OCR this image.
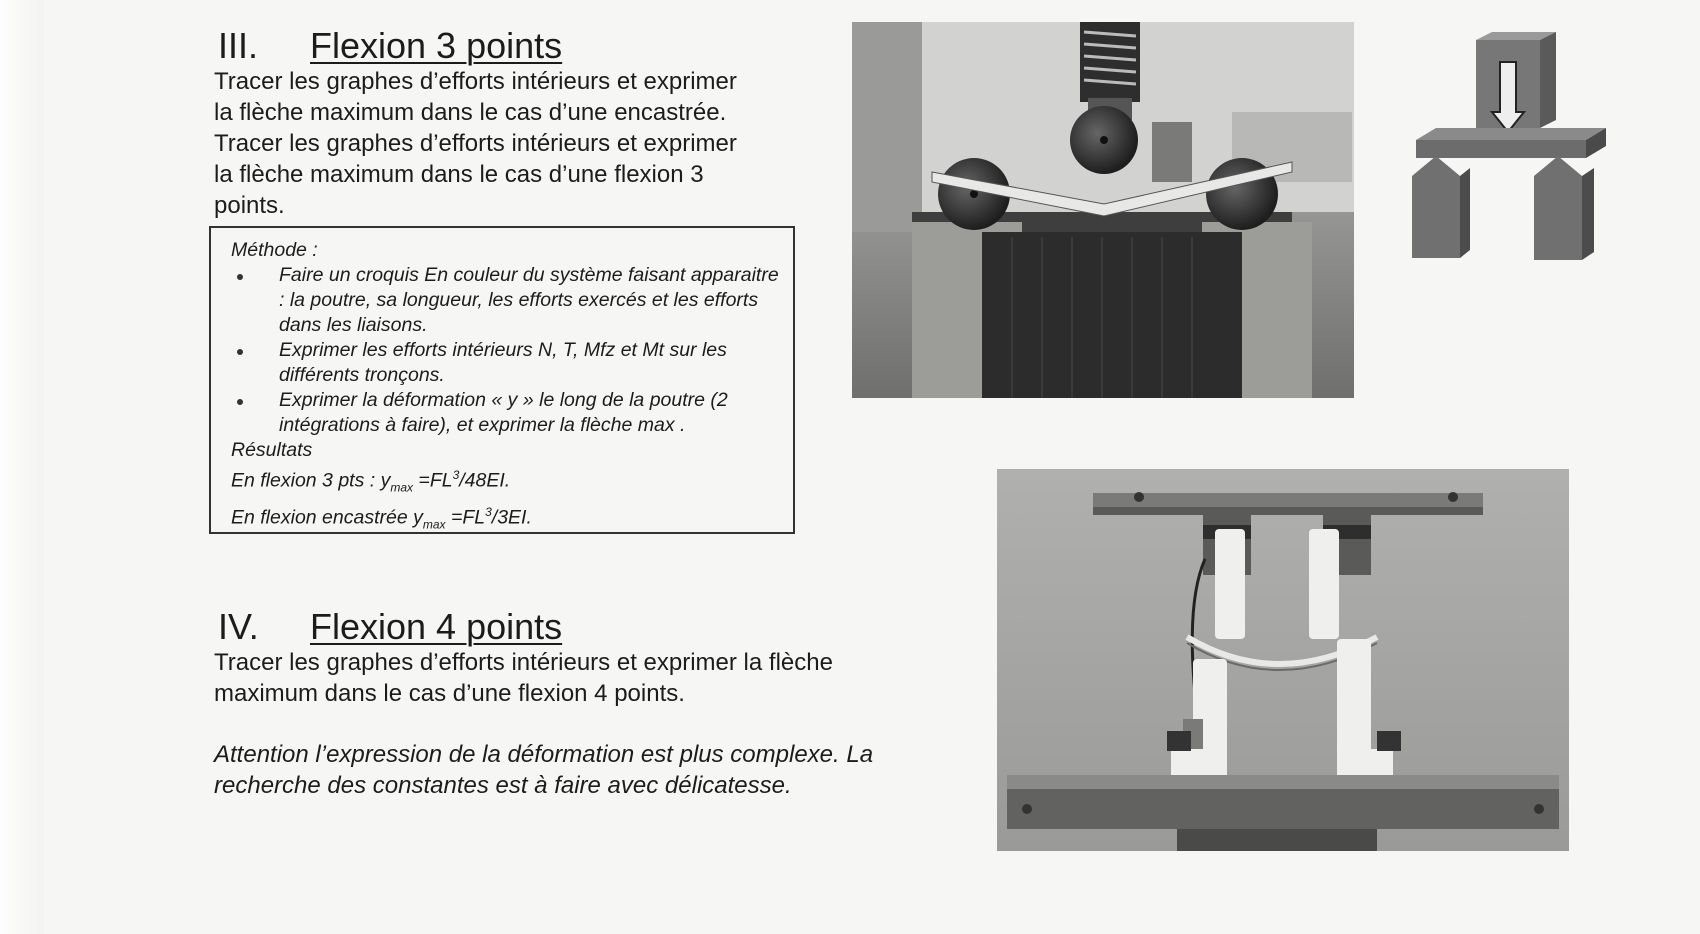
III. Flexion 3 points
Tracer les graphes d’efforts intérieurs et exprimer
la flèche maximum dans le cas d’une encastrée.
Tracer les graphes d’efforts intérieurs et exprimer
la flèche maximum dans le cas d’une flexion 3
points.

Méthode :

Faire un croquis En couleur du système faisant apparaitre : la poutre, sa longueur, les efforts exercés et les efforts dans les liaisons.
Exprimer les efforts intérieurs N, T, Mfz et Mt sur les différents tronçons.
Exprimer la déformation « y » le long de la poutre (2 intégrations à faire), et exprimer la flèche max .

Résultats

En flexion 3 pts : $y_{max} =FL^3/48EI$.

En flexion encastrée $y_{max} =FL^3/3EI$.

IV. Flexion 4 points
Tracer les graphes d’efforts intérieurs et exprimer la flèche
maximum dans le cas d’une flexion 4 points.
Attention l’expression de la déformation est plus complexe. La
recherche des constantes est à faire avec délicatesse.
